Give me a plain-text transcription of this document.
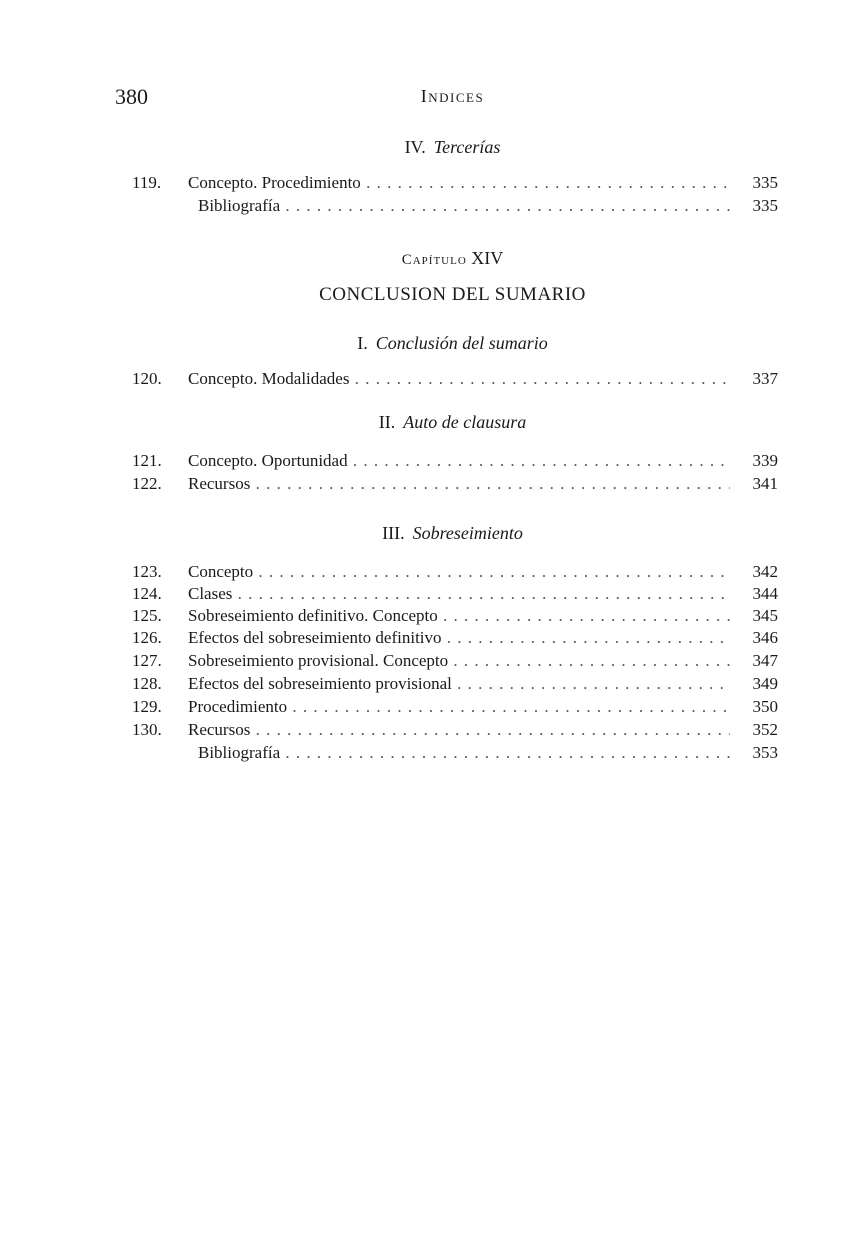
380	Indices
IV. Tercerías
119. Concepto. Procedimiento . . .	335
Bibliografía . . .	335
Capítulo XIV
CONCLUSION DEL SUMARIO
I. Conclusión del sumario
120. Concepto. Modalidades . . .	337
II. Auto de clausura
121. Concepto. Oportunidad . . .	339
122. Recursos . . .	341
III. Sobreseimiento
123. Concepto . . .	342
124. Clases . . .	344
125. Sobreseimiento definitivo. Concepto . . .	345
126. Efectos del sobreseimiento definitivo . . .	346
127. Sobreseimiento provisional. Concepto . . .	347
128. Efectos del sobreseimiento provisional . . .	349
129. Procedimiento . . .	350
130. Recursos . . .	352
Bibliografía . . .	353
